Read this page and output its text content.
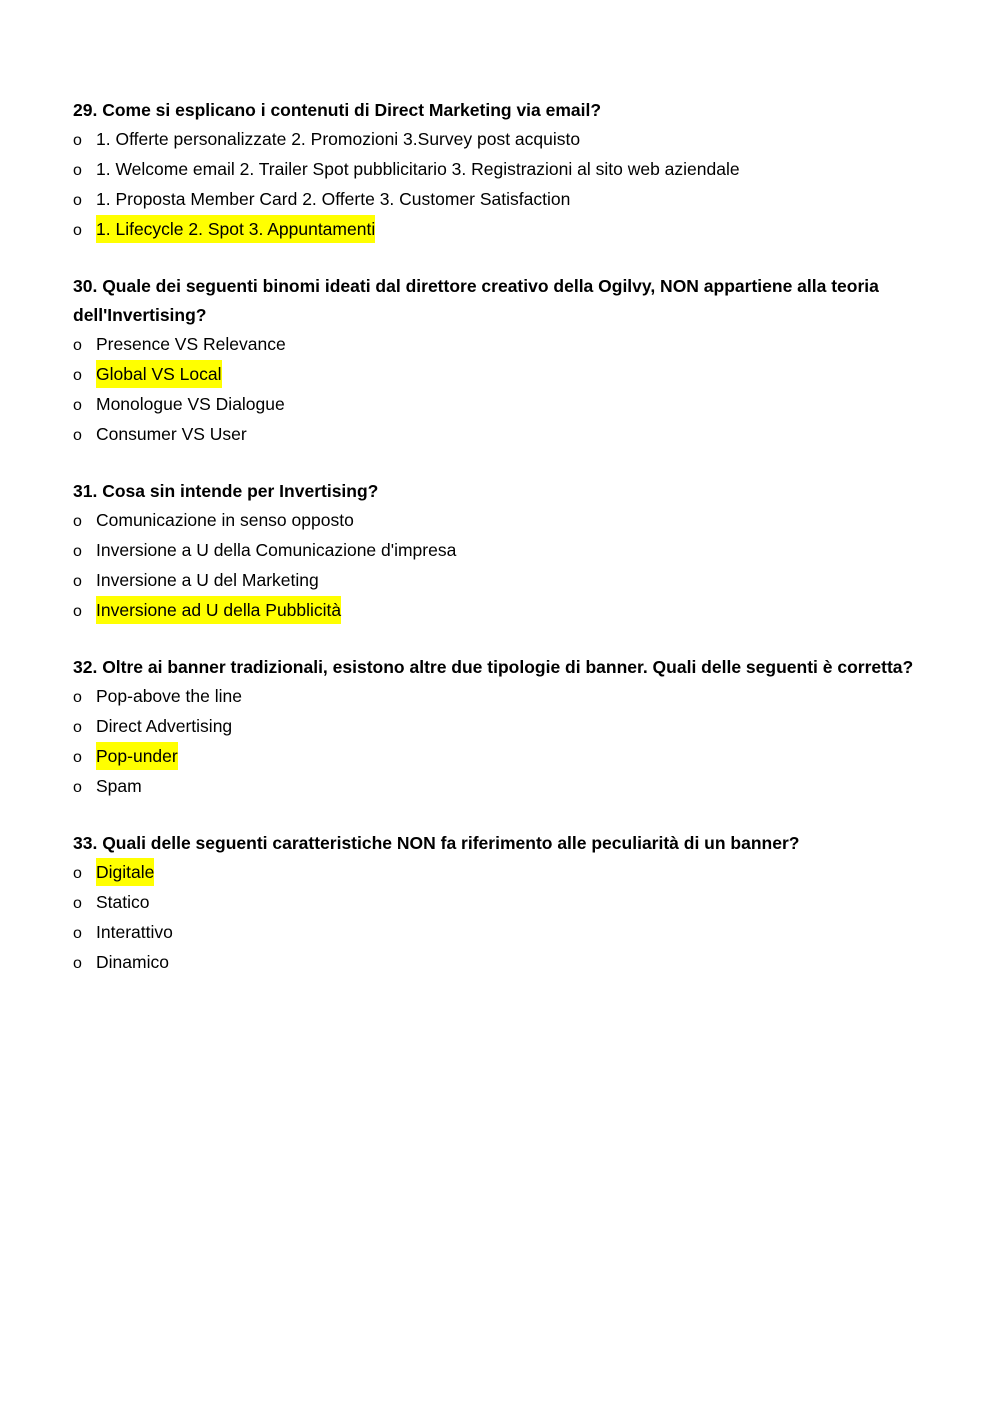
29. Come si esplicano i contenuti di Direct Marketing via email?

o 1. Offerte personalizzate 2. Promozioni 3.Survey post acquisto
o 1. Welcome email 2. Trailer Spot pubblicitario 3. Registrazioni al sito web aziendale
o 1. Proposta Member Card 2. Offerte 3. Customer Satisfaction
o 1. Lifecycle 2. Spot 3. Appuntamenti

30. Quale dei seguenti binomi ideati dal direttore creativo della Ogilvy, NON appartiene alla teoria dell'Invertising?

o Presence VS Relevance
o Global VS Local
o Monologue VS Dialogue
o Consumer VS User

31. Cosa sin intende per Invertising?

o Comunicazione in senso opposto
o Inversione a U della Comunicazione d'impresa
o Inversione a U del Marketing
o Inversione ad U della Pubblicità

32. Oltre ai banner tradizionali, esistono altre due tipologie di banner. Quali delle seguenti è corretta?

o Pop-above the line
o Direct Advertising
o Pop-under
o Spam

33. Quali delle seguenti caratteristiche NON fa riferimento alle peculiarità di un banner?

o Digitale
o Statico
o Interattivo
o Dinamico
